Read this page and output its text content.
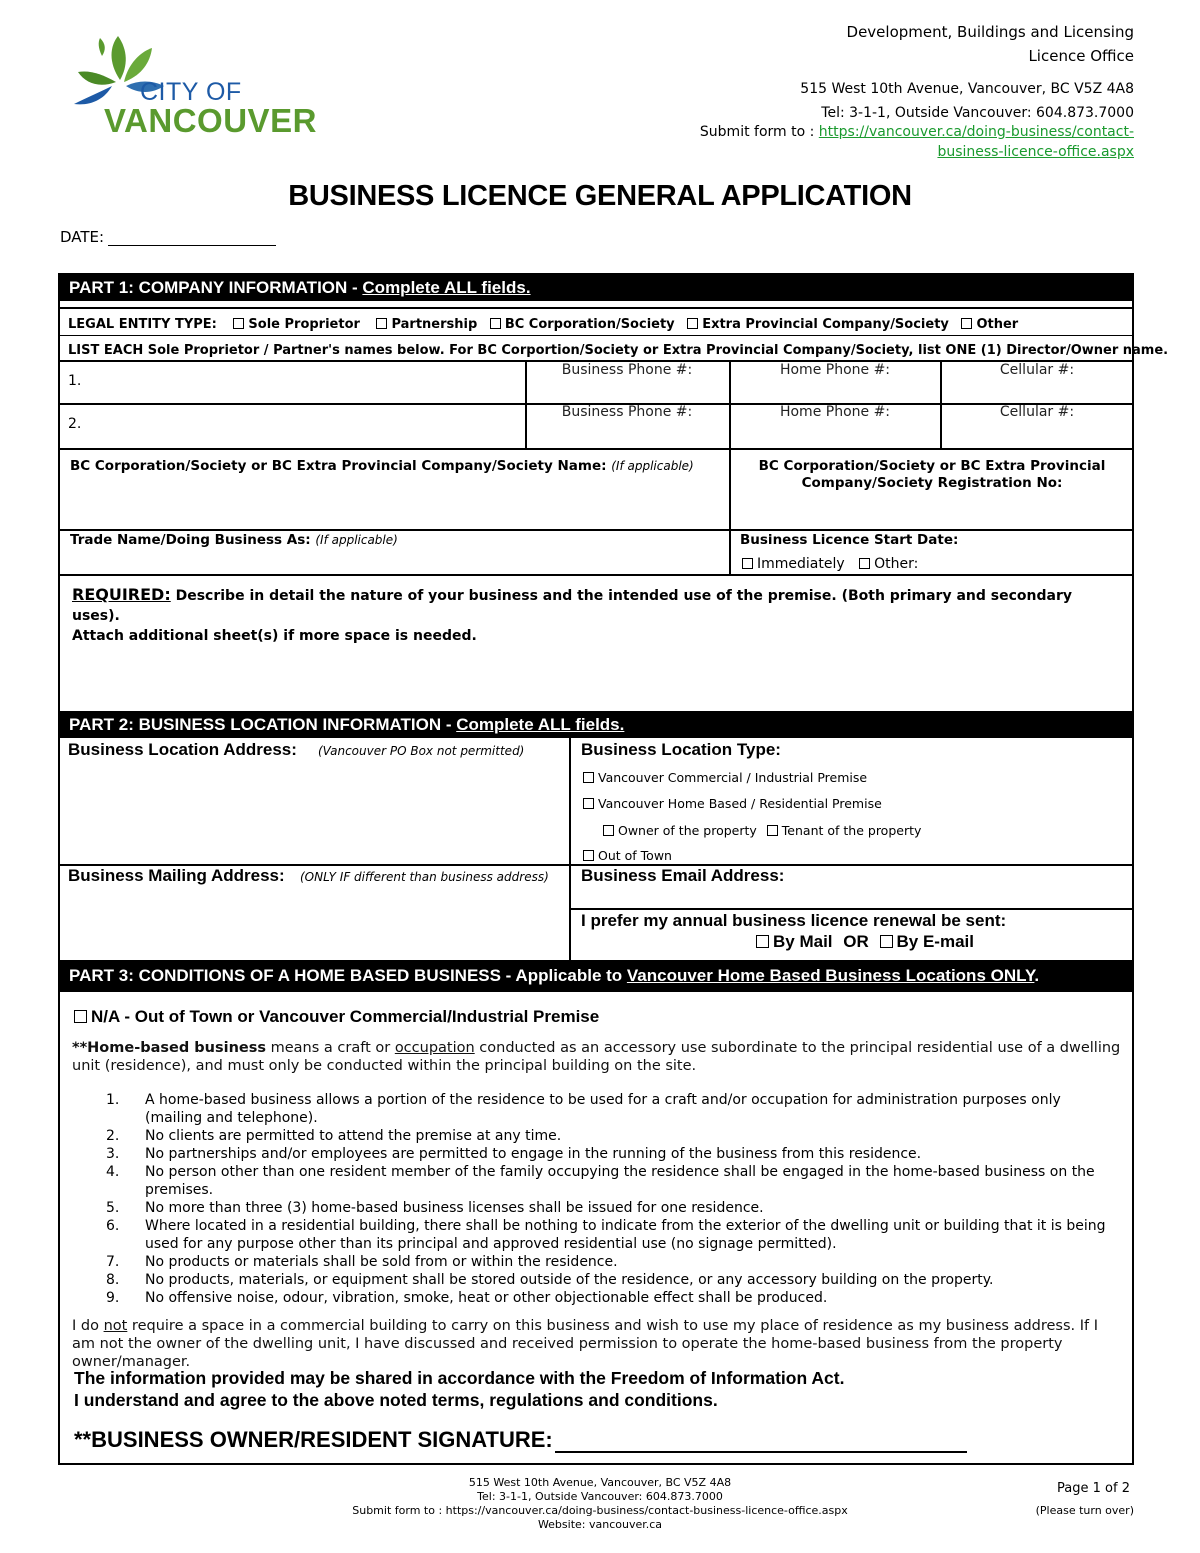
CITY OF
VANCOUVER
Development, Buildings and Licensing
Licence Office
515 West 10th Avenue, Vancouver, BC V5Z 4A8
Tel: 3-1-1, Outside Vancouver: 604.873.7000
Submit form to : https://vancouver.ca/doing-business/contact-
business-licence-office.aspx
BUSINESS LICENCE GENERAL APPLICATION
DATE:
PART 1: COMPANY INFORMATION - Complete ALL fields.
LEGAL ENTITY TYPE: Sole Proprietor Partnership BC Corporation/Society Extra Provincial Company/Society Other
LIST EACH Sole Proprietor / Partner's names below. For BC Corportion/Society or Extra Provincial Company/Society, list ONE (1) Director/Owner name.
1.
Business Phone #:	Home Phone #:	Cellular #:
2.
Business Phone #:	Home Phone #:	Cellular #:
BC Corporation/Society or BC Extra Provincial Company/Society Name: (If applicable)	BC Corporation/Society or BC Extra Provincial
Company/Society Registration No:
Trade Name/Doing Business As: (If applicable)	Business Licence Start Date:
Immediately Other:
REQUIRED: Describe in detail the nature of your business and the intended use of the premise. (Both primary and secondary uses).
Attach additional sheet(s) if more space is needed.
PART 2: BUSINESS LOCATION INFORMATION - Complete ALL fields.
Business Location Address: (Vancouver PO Box not permitted)	Business Location Type:
Vancouver Commercial / Industrial Premise
Vancouver Home Based / Residential Premise
Owner of the property Tenant of the property
Out of Town
Business Mailing Address: (ONLY IF different than business address) Business Email Address:
I prefer my annual business licence renewal be sent:
By Mail OR By E-mail
PART 3: CONDITIONS OF A HOME BASED BUSINESS - Applicable to Vancouver Home Based Business Locations ONLY.
N/A - Out of Town or Vancouver Commercial/Industrial Premise
**Home-based business means a craft or occupation conducted as an accessory use subordinate to the principal residential use of a dwelling unit (residence), and must only be conducted within the principal building on the site.
1. A home-based business allows a portion of the residence to be used for a craft and/or occupation for administration purposes only (mailing and telephone).
2. No clients are permitted to attend the premise at any time.
3. No partnerships and/or employees are permitted to engage in the running of the business from this residence.
4. No person other than one resident member of the family occupying the residence shall be engaged in the home-based business on the premises.
5. No more than three (3) home-based business licenses shall be issued for one residence.
6. Where located in a residential building, there shall be nothing to indicate from the exterior of the dwelling unit or building that it is being used for any purpose other than its principal and approved residential use (no signage permitted).
7. No products or materials shall be sold from or within the residence.
8. No products, materials, or equipment shall be stored outside of the residence, or any accessory building on the property.
9. No offensive noise, odour, vibration, smoke, heat or other objectionable effect shall be produced.
I do not require a space in a commercial building to carry on this business and wish to use my place of residence as my business address. If I am not the owner of the dwelling unit, I have discussed and received permission to operate the home-based business from the property owner/manager.
The information provided may be shared in accordance with the Freedom of Information Act.
I understand and agree to the above noted terms, regulations and conditions.
**BUSINESS OWNER/RESIDENT SIGNATURE:
515 West 10th Avenue, Vancouver, BC V5Z 4A8
Tel: 3-1-1, Outside Vancouver: 604.873.7000
Submit form to : https://vancouver.ca/doing-business/contact-business-licence-office.aspx
Website: vancouver.ca
Page 1 of 2
(Please turn over)
